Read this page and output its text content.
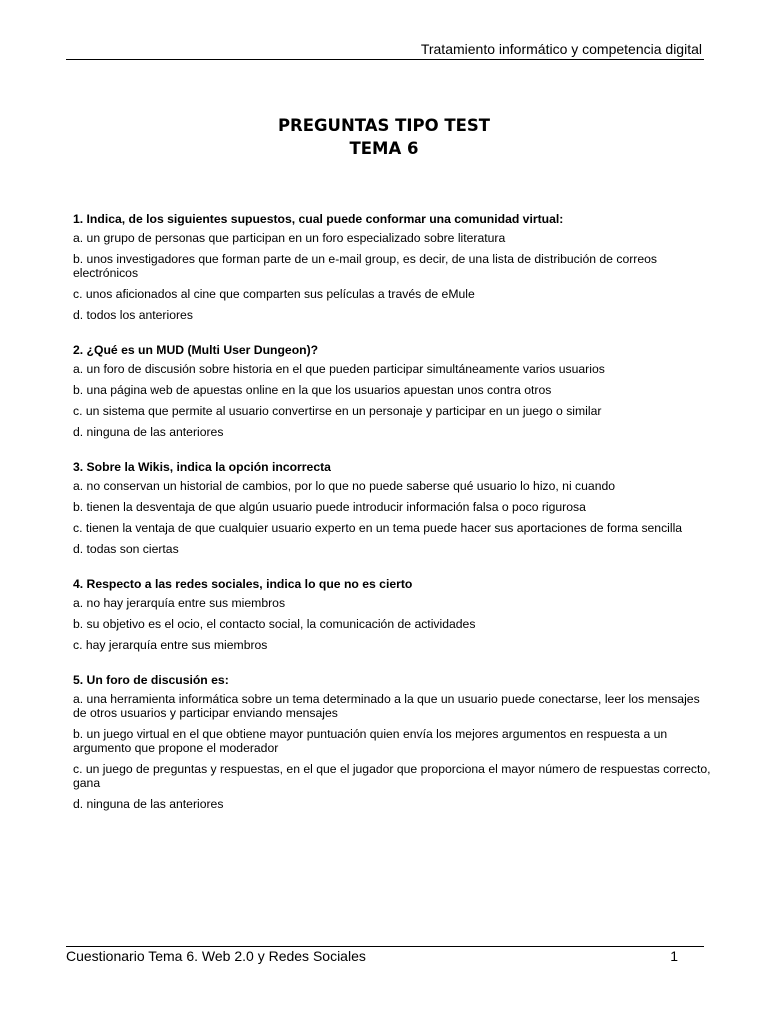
Tratamiento informático y competencia digital
PREGUNTAS TIPO TEST
TEMA 6
1. Indica, de los siguientes supuestos, cual puede conformar una comunidad virtual:
a. un grupo de personas que participan en un foro especializado sobre literatura
b. unos investigadores que forman parte de un e-mail group, es decir, de una lista de distribución de correos electrónicos
c. unos aficionados al cine que comparten sus películas a través de eMule
d. todos los anteriores
2. ¿Qué es un MUD (Multi User Dungeon)?
a. un foro de discusión sobre historia en el que pueden participar simultáneamente varios usuarios
b. una página web de apuestas online en la que los usuarios apuestan unos contra otros
c. un sistema que permite al usuario convertirse en un personaje y participar en un juego o similar
d. ninguna de las anteriores
3. Sobre la Wikis, indica la opción incorrecta
a. no conservan un historial de cambios, por lo que no puede saberse qué usuario lo hizo, ni cuando
b. tienen la desventaja de que algún usuario puede introducir información falsa o poco rigurosa
c. tienen la ventaja de que cualquier usuario experto en un tema puede hacer sus aportaciones de forma sencilla
d. todas son ciertas
4. Respecto a las redes sociales, indica lo que no es cierto
a. no hay jerarquía entre sus miembros
b. su objetivo es el ocio, el contacto social, la comunicación de actividades
c. hay jerarquía entre sus miembros
5. Un foro de discusión es:
a. una herramienta informática sobre un tema determinado a la que un usuario puede conectarse, leer los mensajes de otros usuarios y participar enviando mensajes
b. un juego virtual en el que obtiene mayor puntuación quien envía los mejores argumentos en respuesta a un argumento que propone el moderador
c. un juego de preguntas y respuestas, en el que el jugador que proporciona el mayor número de respuestas correcto, gana
d. ninguna de las anteriores
Cuestionario Tema 6. Web 2.0 y Redes Sociales	1
